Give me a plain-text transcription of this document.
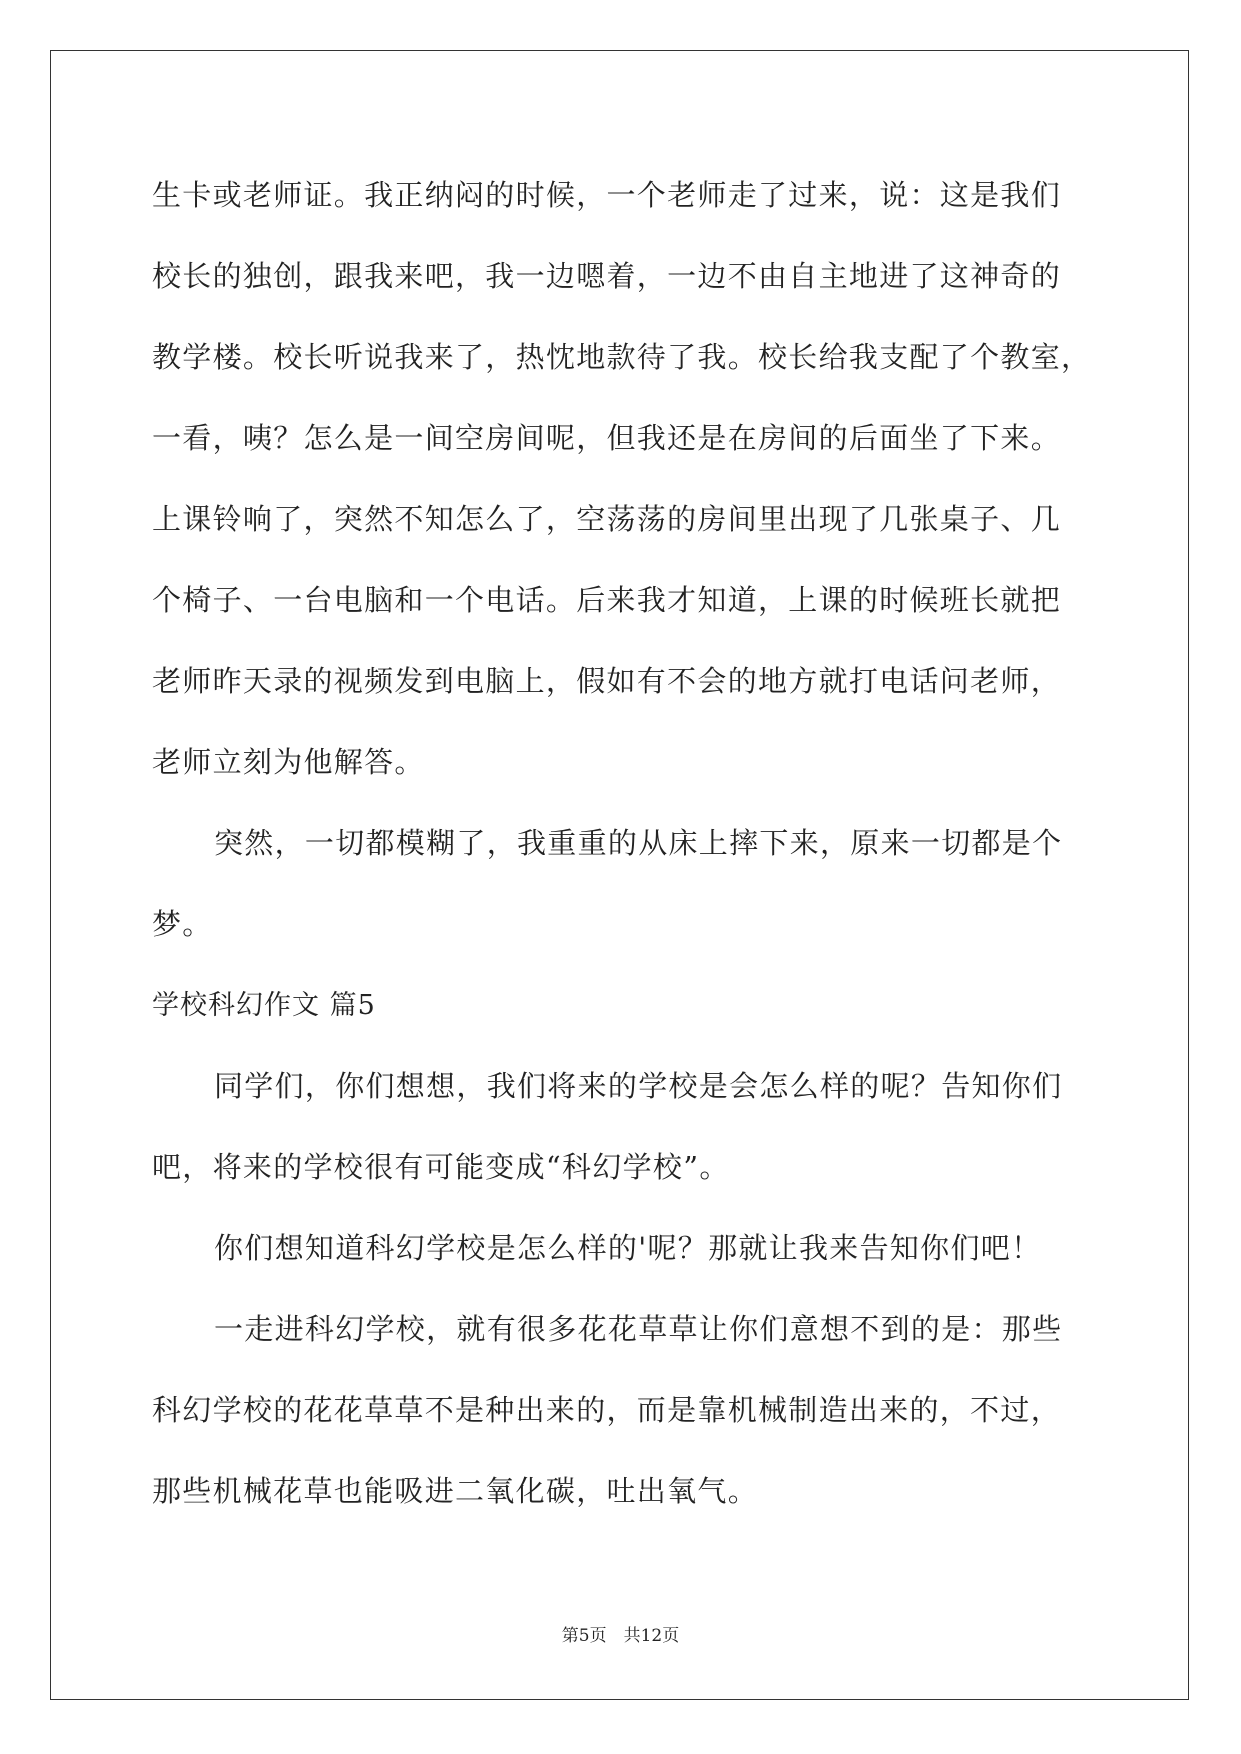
生卡或老师证。我正纳闷的时候，一个老师走了过来，说：这是我们
校长的独创，跟我来吧，我一边嗯着，一边不由自主地进了这神奇的
教学楼。校长听说我来了，热忱地款待了我。校长给我支配了个教室，
一看，咦？怎么是一间空房间呢，但我还是在房间的后面坐了下来。
上课铃响了，突然不知怎么了，空荡荡的房间里出现了几张桌子、几
个椅子、一台电脑和一个电话。后来我才知道，上课的时候班长就把
老师昨天录的视频发到电脑上，假如有不会的地方就打电话问老师，
老师立刻为他解答。
突然，一切都模糊了，我重重的从床上摔下来，原来一切都是个
梦。
学校科幻作文 篇5
同学们，你们想想，我们将来的学校是会怎么样的呢？告知你们
吧，将来的学校很有可能变成“科幻学校”。
你们想知道科幻学校是怎么样的'呢？那就让我来告知你们吧！
一走进科幻学校，就有很多花花草草让你们意想不到的是：那些
科幻学校的花花草草不是种出来的，而是靠机械制造出来的，不过，
那些机械花草也能吸进二氧化碳，吐出氧气。
第5页　共12页
